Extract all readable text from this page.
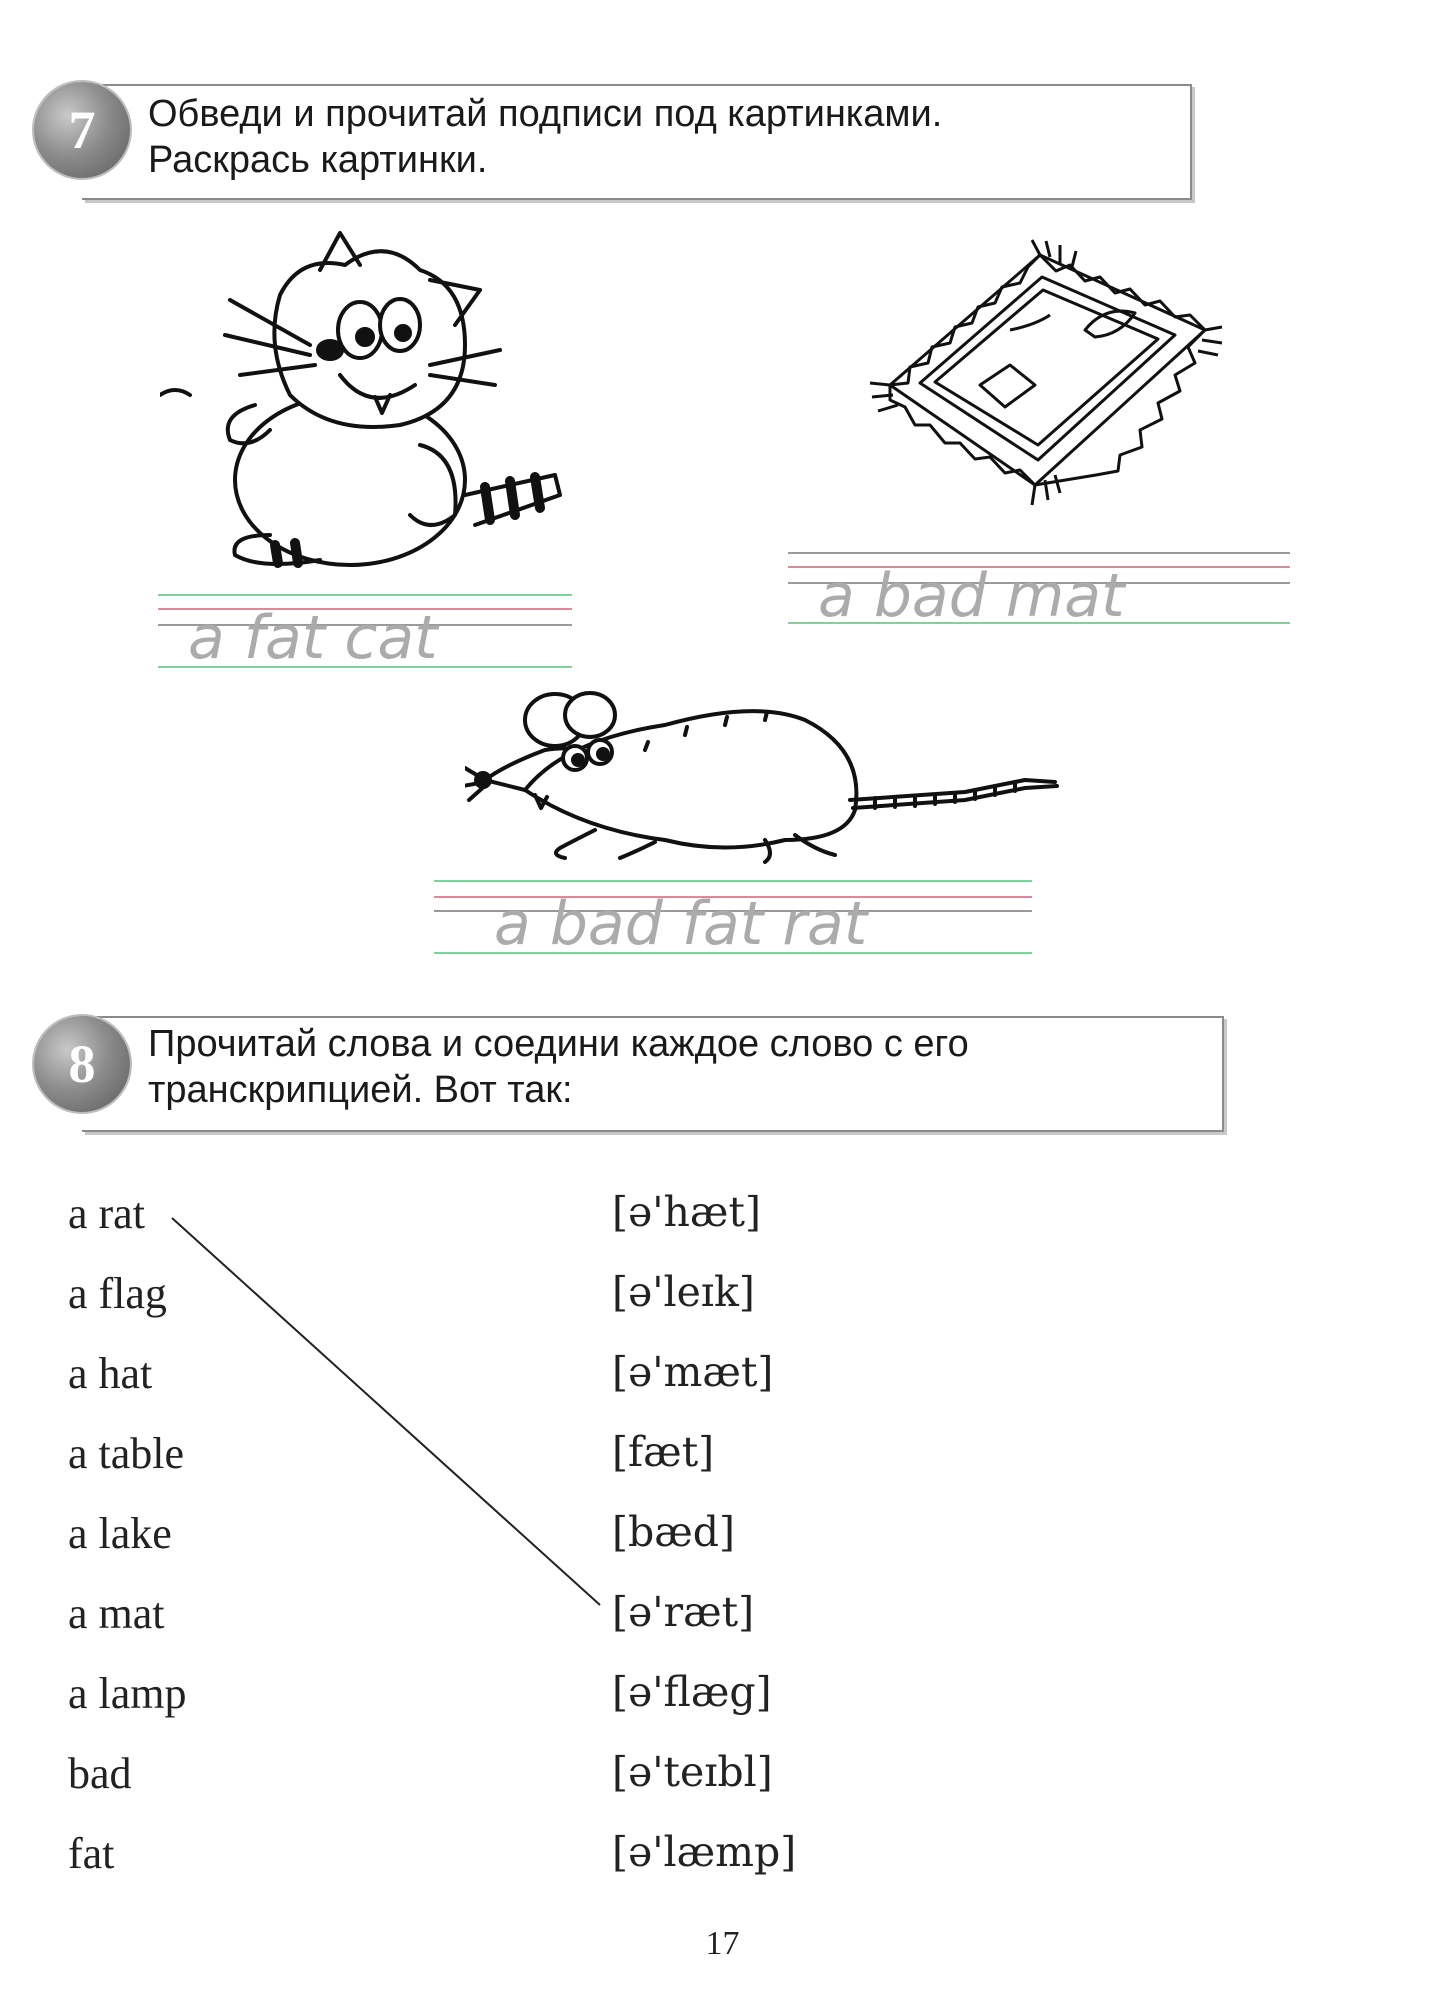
7	Обведи и прочитай подписи под картинками.

Раскрась картинки.

a fat cat
a bad mat
a bad fat rat
8	Прочитай слова и соедини каждое слово с его

транскрипцией. Вот так:

a rat
a flag
a hat
a table
a lake
a mat
a lamp
bad
fat
[ə'hæt]
[ə'leɪk]
[ə'mæt]
[fæt]
[bæd]
[ə'ræt]
[ə'flæg]
[ə'teɪbl]
[ə'læmp]
17
